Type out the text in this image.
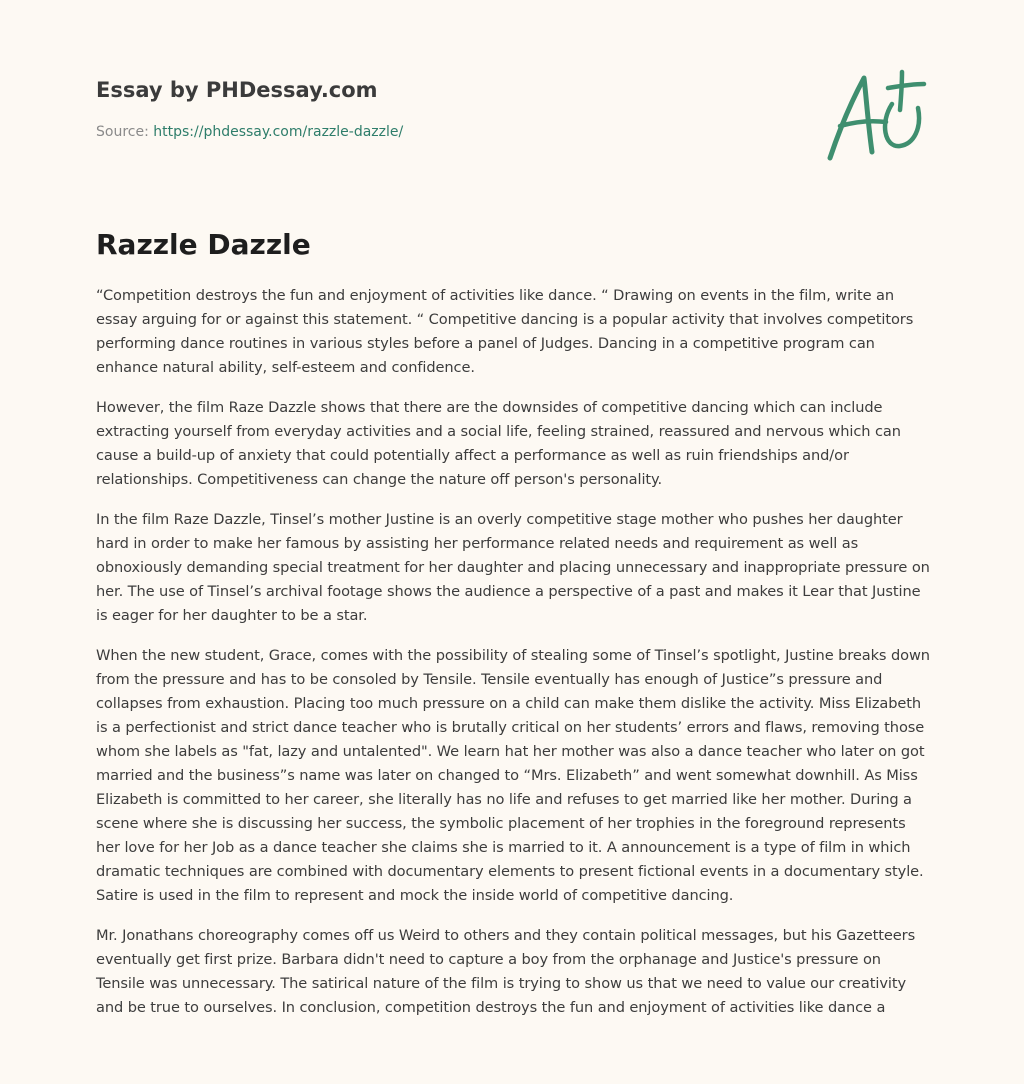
Essay by PHDessay.com
Source: https://phdessay.com/razzle-dazzle/
Razzle Dazzle

“Competition destroys the fun and enjoyment of activities like dance. “ Drawing on events in the film, write an essay arguing for or against this statement. “ Competitive dancing is a popular activity that involves competitors performing dance routines in various styles before a panel of Judges. Dancing in a competitive program can enhance natural ability, self-esteem and confidence.

However, the film Raze Dazzle shows that there are the downsides of competitive dancing which can include extracting yourself from everyday activities and a social life, feeling strained, reassured and nervous which can cause a build-up of anxiety that could potentially affect a performance as well as ruin friendships and/or relationships. Competitiveness can change the nature off person's personality.

In the film Raze Dazzle, Tinsel’s mother Justine is an overly competitive stage mother who pushes her daughter hard in order to make her famous by assisting her performance related needs and requirement as well as obnoxiously demanding special treatment for her daughter and placing unnecessary and inappropriate pressure on her. The use of Tinsel’s archival footage shows the audience a perspective of a past and makes it Lear that Justine is eager for her daughter to be a star.

When the new student, Grace, comes with the possibility of stealing some of Tinsel’s spotlight, Justine breaks down from the pressure and has to be consoled by Tensile. Tensile eventually has enough of Justice”s pressure and collapses from exhaustion. Placing too much pressure on a child can make them dislike the activity. Miss Elizabeth is a perfectionist and strict dance teacher who is brutally critical on her students’ errors and flaws, removing those whom she labels as "fat, lazy and untalented". We learn hat her mother was also a dance teacher who later on got married and the business”s name was later on changed to “Mrs. Elizabeth” and went somewhat downhill. As Miss Elizabeth is committed to her career, she literally has no life and refuses to get married like her mother. During a scene where she is discussing her success, the symbolic placement of her trophies in the foreground represents her love for her Job as a dance teacher she claims she is married to it. A announcement is a type of film in which dramatic techniques are combined with documentary elements to present fictional events in a documentary style. Satire is used in the film to represent and mock the inside world of competitive dancing.

Mr. Jonathans choreography comes off us Weird to others and they contain political messages, but his Gazetteers eventually get first prize. Barbara didn't need to capture a boy from the orphanage and Justice's pressure on Tensile was unnecessary. The satirical nature of the film is trying to show us that we need to value our creativity and be true to ourselves. In conclusion, competition destroys the fun and enjoyment of activities like dance a
